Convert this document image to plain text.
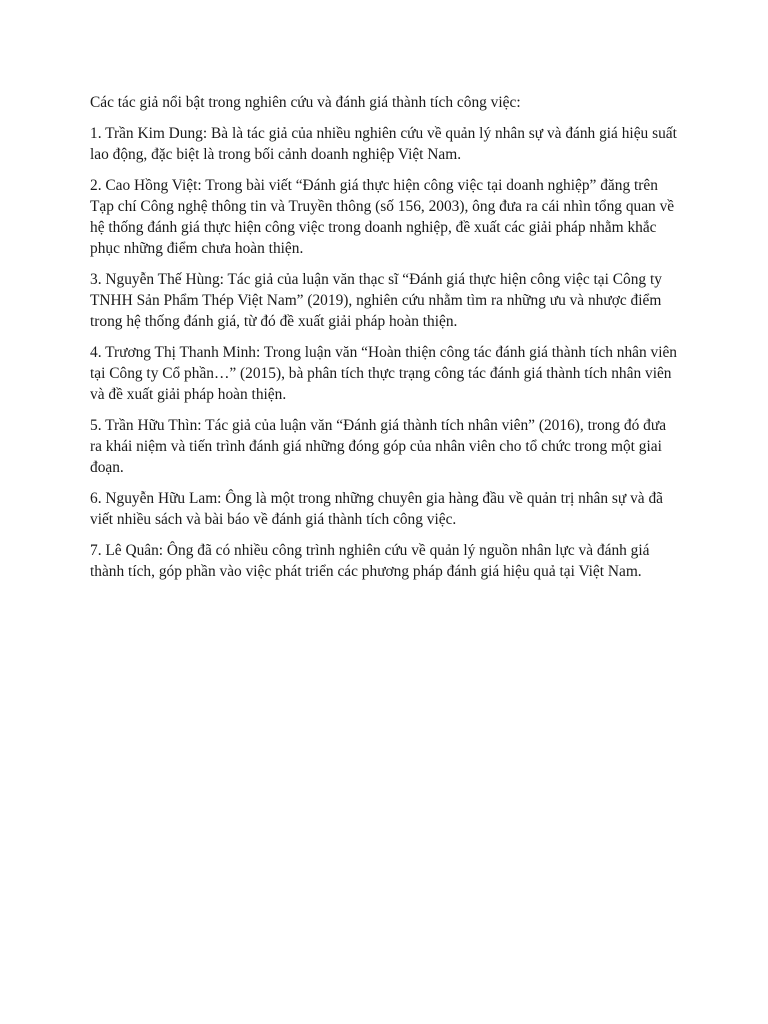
Các tác giả nổi bật trong nghiên cứu và đánh giá thành tích công việc:

1. Trần Kim Dung: Bà là tác giả của nhiều nghiên cứu về quản lý nhân sự và đánh giá hiệu suất lao động, đặc biệt là trong bối cảnh doanh nghiệp Việt Nam.

2. Cao Hồng Việt: Trong bài viết “Đánh giá thực hiện công việc tại doanh nghiệp” đăng trên Tạp chí Công nghệ thông tin và Truyền thông (số 156, 2003), ông đưa ra cái nhìn tổng quan về hệ thống đánh giá thực hiện công việc trong doanh nghiệp, đề xuất các giải pháp nhằm khắc phục những điểm chưa hoàn thiện.

3. Nguyễn Thế Hùng: Tác giả của luận văn thạc sĩ “Đánh giá thực hiện công việc tại Công ty TNHH Sản Phẩm Thép Việt Nam” (2019), nghiên cứu nhằm tìm ra những ưu và nhược điểm trong hệ thống đánh giá, từ đó đề xuất giải pháp hoàn thiện.

4. Trương Thị Thanh Minh: Trong luận văn “Hoàn thiện công tác đánh giá thành tích nhân viên tại Công ty Cổ phần…” (2015), bà phân tích thực trạng công tác đánh giá thành tích nhân viên và đề xuất giải pháp hoàn thiện.

5. Trần Hữu Thìn: Tác giả của luận văn “Đánh giá thành tích nhân viên” (2016), trong đó đưa ra khái niệm và tiến trình đánh giá những đóng góp của nhân viên cho tổ chức trong một giai đoạn.

6. Nguyễn Hữu Lam: Ông là một trong những chuyên gia hàng đầu về quản trị nhân sự và đã viết nhiều sách và bài báo về đánh giá thành tích công việc.

7. Lê Quân: Ông đã có nhiều công trình nghiên cứu về quản lý nguồn nhân lực và đánh giá thành tích, góp phần vào việc phát triển các phương pháp đánh giá hiệu quả tại Việt Nam.
